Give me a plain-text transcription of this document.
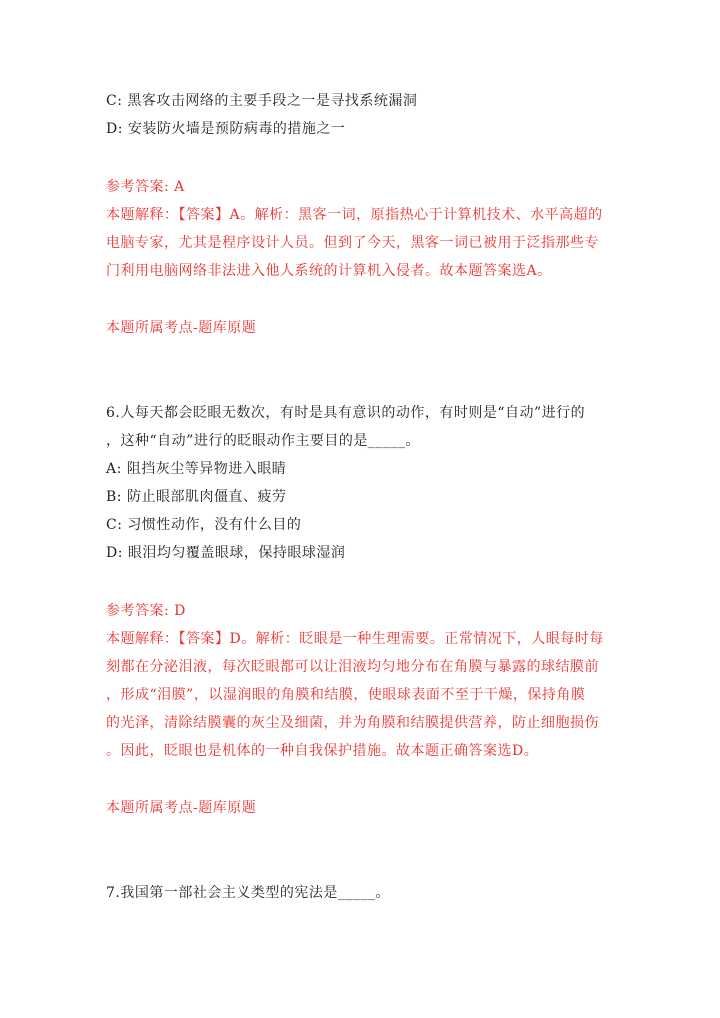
C: 黑客攻击网络的主要手段之一是寻找系统漏洞
D: 安装防火墙是预防病毒的措施之一
参考答案: A
本题解释：【答案】A。解析：黑客一词，原指热心于计算机技术、水平高超的
电脑专家，尤其是程序设计人员。但到了今天，黑客一词已被用于泛指那些专
门利用电脑网络非法进入他人系统的计算机入侵者。故本题答案选A。
本题所属考点-题库原题
6.人每天都会眨眼无数次，有时是具有意识的动作，有时则是“自动”进行的
，这种“自动”进行的眨眼动作主要目的是_____。
A: 阻挡灰尘等异物进入眼睛
B: 防止眼部肌肉僵直、疲劳
C: 习惯性动作，没有什么目的
D: 眼泪均匀覆盖眼球，保持眼球湿润
参考答案: D
本题解释：【答案】D。解析：眨眼是一种生理需要。正常情况下，人眼每时每
刻都在分泌泪液，每次眨眼都可以让泪液均匀地分布在角膜与暴露的球结膜前
，形成“泪膜”，以湿润眼的角膜和结膜，使眼球表面不至于干燥，保持角膜
的光泽，清除结膜囊的灰尘及细菌，并为角膜和结膜提供营养，防止细胞损伤
。因此，眨眼也是机体的一种自我保护措施。故本题正确答案选D。
本题所属考点-题库原题
7.我国第一部社会主义类型的宪法是_____。
